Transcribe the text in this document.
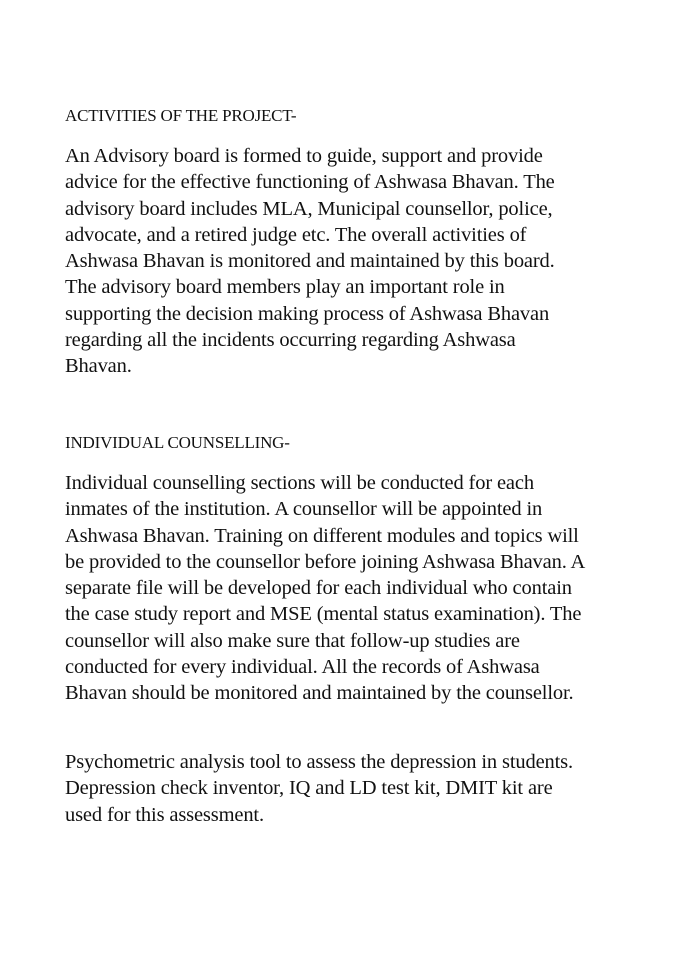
ACTIVITIES OF THE PROJECT-
An Advisory board is formed to guide, support and provide
advice for the effective functioning of Ashwasa Bhavan. The
advisory board includes MLA, Municipal counsellor, police,
advocate, and a retired judge etc. The overall activities of
Ashwasa Bhavan is monitored and maintained by this board.
The advisory board members play an important role in
supporting the decision making process of Ashwasa Bhavan
regarding all the incidents occurring regarding Ashwasa
Bhavan.
INDIVIDUAL COUNSELLING-
Individual counselling sections will be conducted for each
inmates of the institution. A counsellor will be appointed in
Ashwasa Bhavan. Training on different modules and topics will
be provided to the counsellor before joining Ashwasa Bhavan. A
separate file will be developed for each individual who contain
the case study report and MSE (mental status examination). The
counsellor will also make sure that follow-up studies are
conducted for every individual. All the records of Ashwasa
Bhavan should be monitored and maintained by the counsellor.
Psychometric analysis tool to assess the depression in students.
Depression check inventor, IQ and LD test kit, DMIT kit are
used for this assessment.
